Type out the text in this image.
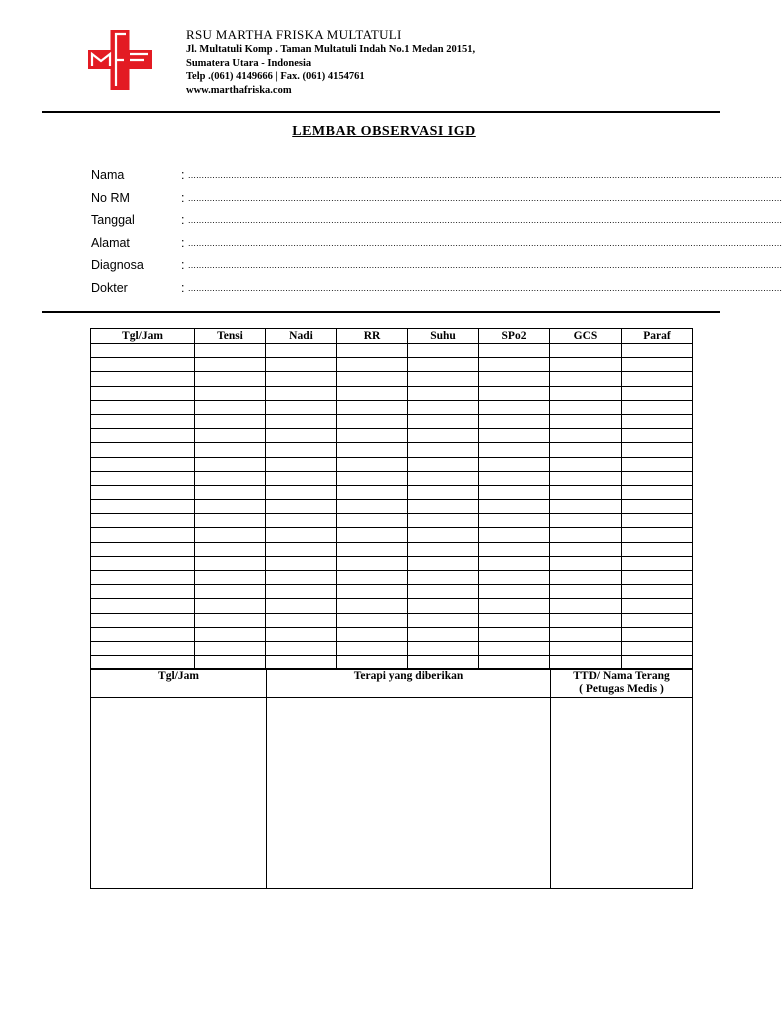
RSU MARTHA FRISKA MULTATULI
Jl. Multatuli Komp . Taman Multatuli Indah No.1 Medan 20151,
Sumatera Utara - Indonesia
Telp .(061) 4149666 | Fax. (061) 4154761
www.marthafriska.com
LEMBAR OBSERVASI IGD
Nama	: ............................................................................................................................................................................................................................
No RM	: ............................................................................................................................................................................................................................
Tanggal	: ............................................................................................................................................................................................................................
Alamat	: ............................................................................................................................................................................................................................
Diagnosa	: ............................................................................................................................................................................................................................
Dokter	: ............................................................................................................................................................................................................................
Tgl/Jam	Tensi	Nadi	RR	Suhu	SPo2	GCS	Paraf

Tgl/Jam	Terapi yang diberikan	TTD/ Nama Terang
( Petugas Medis )
